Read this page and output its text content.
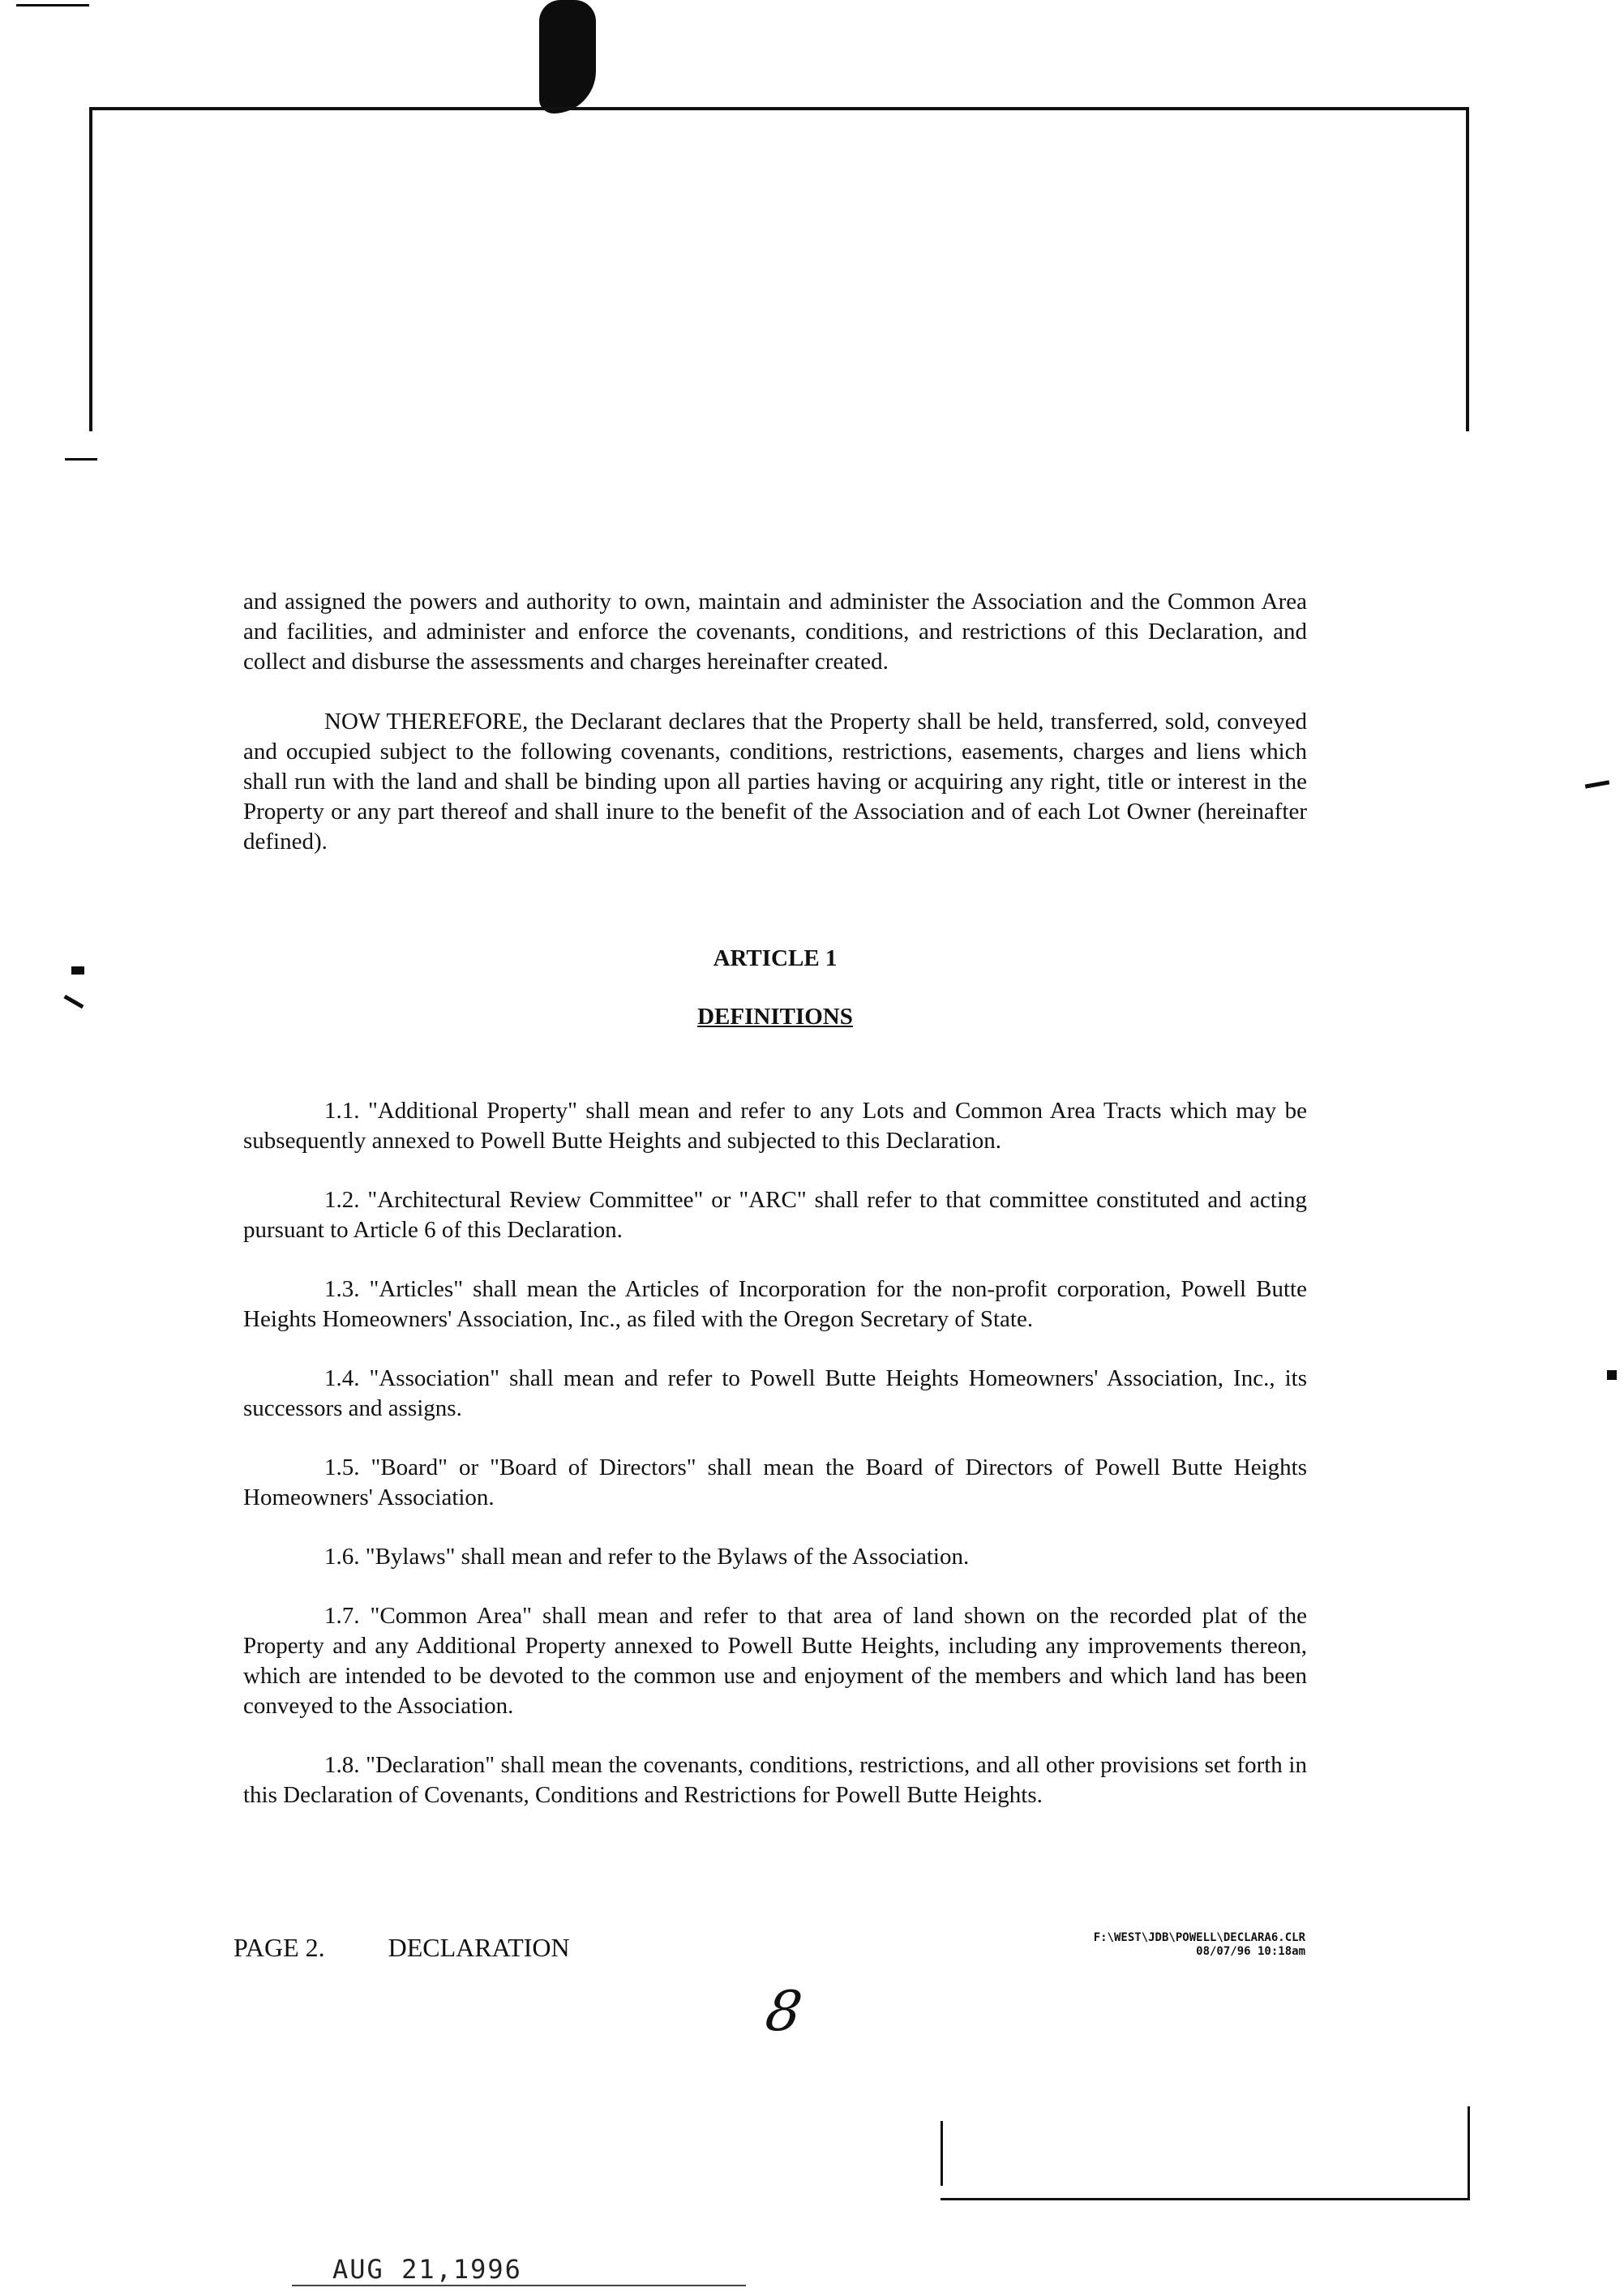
and assigned the powers and authority to own, maintain and administer the Association and the Common Area and facilities, and administer and enforce the covenants, conditions, and restrictions of this Declaration, and collect and disburse the assessments and charges hereinafter created.

NOW THEREFORE, the Declarant declares that the Property shall be held, transferred, sold, conveyed and occupied subject to the following covenants, conditions, restrictions, easements, charges and liens which shall run with the land and shall be binding upon all parties having or acquiring any right, title or interest in the Property or any part thereof and shall inure to the benefit of the Association and of each Lot Owner (hereinafter defined).

ARTICLE 1
DEFINITIONS

1.1. "Additional Property" shall mean and refer to any Lots and Common Area Tracts which may be subsequently annexed to Powell Butte Heights and subjected to this Declaration.

1.2. "Architectural Review Committee" or "ARC" shall refer to that committee constituted and acting pursuant to Article 6 of this Declaration.

1.3. "Articles" shall mean the Articles of Incorporation for the non-profit corporation, Powell Butte Heights Homeowners' Association, Inc., as filed with the Oregon Secretary of State.

1.4. "Association" shall mean and refer to Powell Butte Heights Homeowners' Association, Inc., its successors and assigns.

1.5. "Board" or "Board of Directors" shall mean the Board of Directors of Powell Butte Heights Homeowners' Association.

1.6. "Bylaws" shall mean and refer to the Bylaws of the Association.

1.7. "Common Area" shall mean and refer to that area of land shown on the recorded plat of the Property and any Additional Property annexed to Powell Butte Heights, including any improvements thereon, which are intended to be devoted to the common use and enjoyment of the members and which land has been conveyed to the Association.

1.8. "Declaration" shall mean the covenants, conditions, restrictions, and all other provisions set forth in this Declaration of Covenants, Conditions and Restrictions for Powell Butte Heights.

PAGE 2. DECLARATION	F:\WEST\JDB\POWELL\DECLARA6.CLR
08/07/96 10:18am
8
AUG 21,1996
